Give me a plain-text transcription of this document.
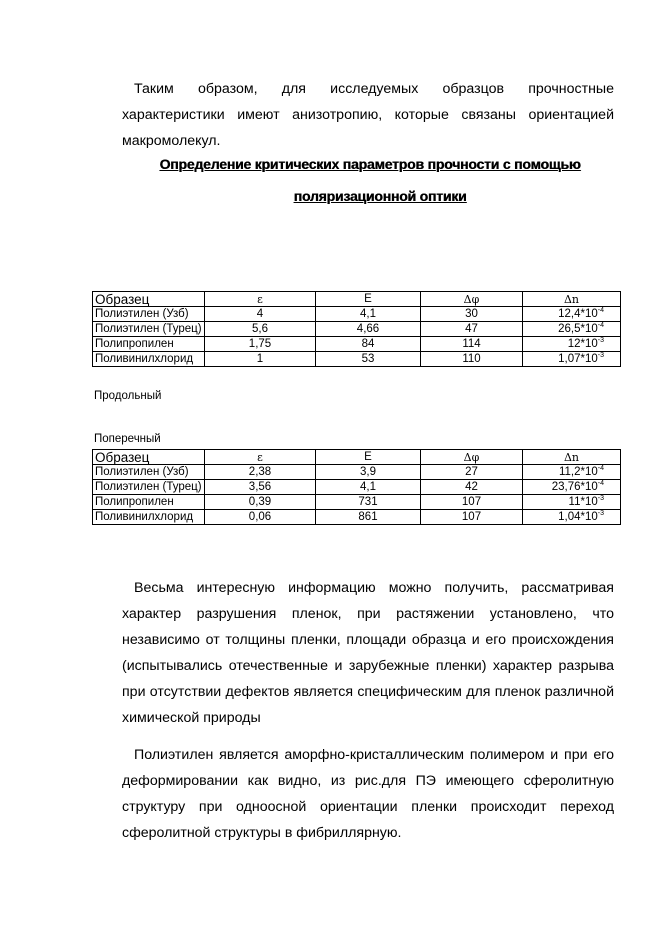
Таким образом, для исследуемых образцов прочностные характеристики имеют анизотропию, которые связаны ориентацией макромолекул.

Определение критических параметров прочности с помощью

поляризационной оптики

Образец	ε	E	Δφ	Δn
Полиэтилен (Узб)	4	4,1	30	$12,4*10^{-4}$
Полиэтилен (Турец)	5,6	4,66	47	$26,5*10^{-4}$
Полипропилен	1,75	84	114	$12*10^{-3}$
Поливинилхлорид	1	53	110	$1,07*10^{-3}$

Продольный

Поперечный

Образец	ε	E	Δφ	Δn
Полиэтилен (Узб)	2,38	3,9	27	$11,2*10^{-4}$
Полиэтилен (Турец)	3,56	4,1	42	$23,76*10^{-4}$
Полипропилен	0,39	731	107	$11*10^{-3}$
Поливинилхлорид	0,06	861	107	$1,04*10^{-3}$

Весьма интересную информацию можно получить, рассматривая характер разрушения пленок, при растяжении установлено, что независимо от толщины пленки, площади образца и его происхождения (испытывались отечественные и зарубежные пленки) характер разрыва при отсутствии дефектов является специфическим для пленок различной химической природы

Полиэтилен является аморфно-кристаллическим полимером и при его деформировании как видно, из рис.для ПЭ имеющего сферолитную структуру при одноосной ориентации пленки происходит переход сферолитной структуры в фибриллярную.
